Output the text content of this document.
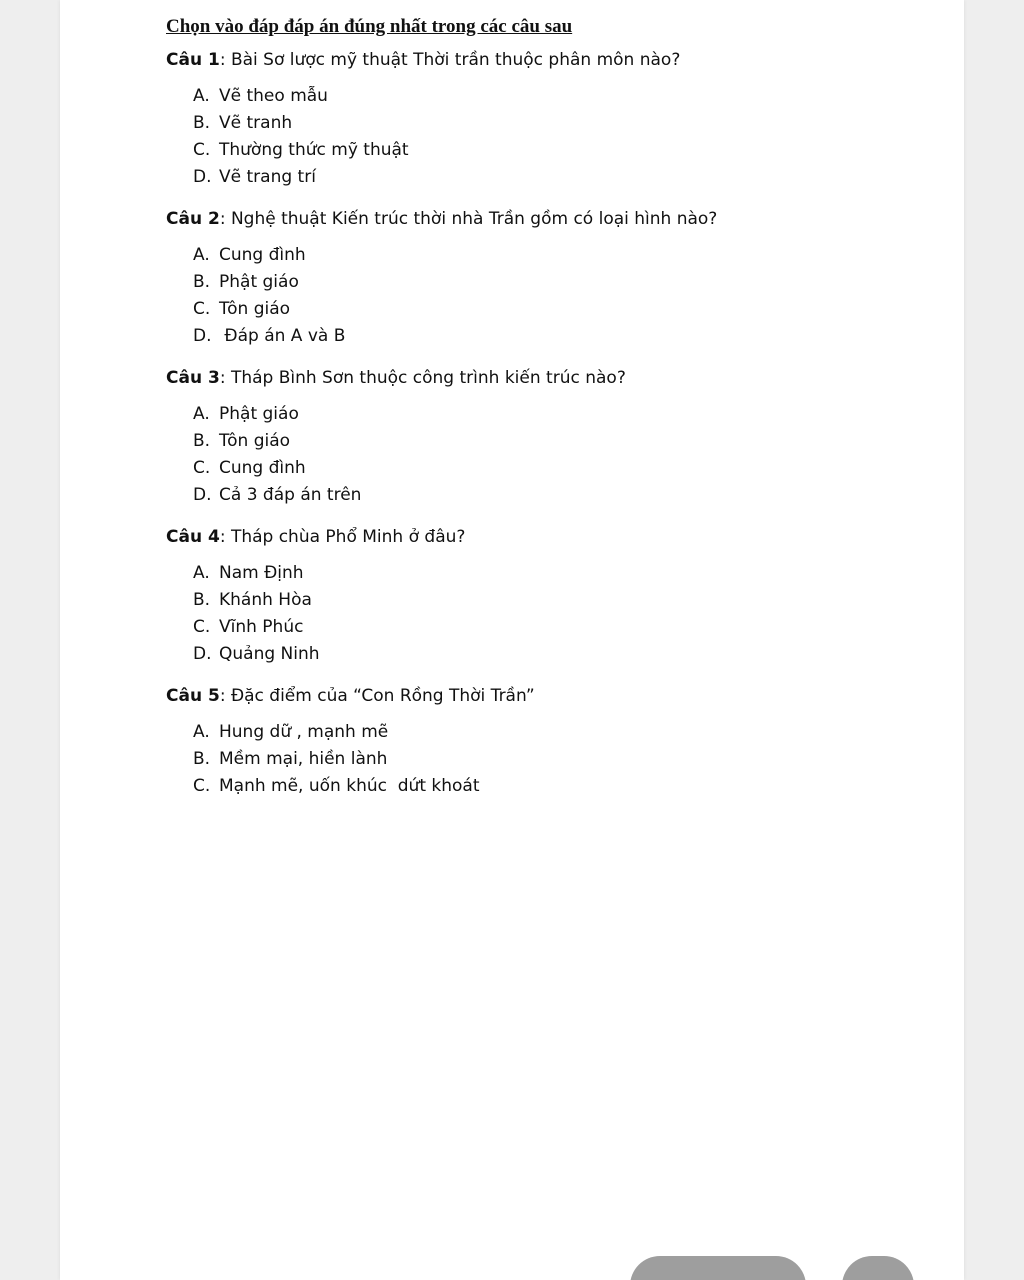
Chọn vào đáp đáp án đúng nhất trong các câu sau
Câu 1: Bài Sơ lược mỹ thuật Thời trần thuộc phân môn nào?
A. Vẽ theo mẫu
B. Vẽ tranh
C. Thường thức mỹ thuật
D. Vẽ trang trí
Câu 2: Nghệ thuật Kiến trúc thời nhà Trần gồm có loại hình nào?
A. Cung đình
B. Phật giáo
C. Tôn giáo
D. Đáp án A và B
Câu 3: Tháp Bình Sơn thuộc công trình kiến trúc nào?
A. Phật giáo
B. Tôn giáo
C. Cung đình
D. Cả 3 đáp án trên
Câu 4: Tháp chùa Phổ Minh ở đâu?
A. Nam Định
B. Khánh Hòa
C. Vĩnh Phúc
D. Quảng Ninh
Câu 5: Đặc điểm của “Con Rồng Thời Trần”
A. Hung dữ , mạnh mẽ
B. Mềm mại, hiền lành
C. Mạnh mẽ, uốn khúc  dứt khoát
